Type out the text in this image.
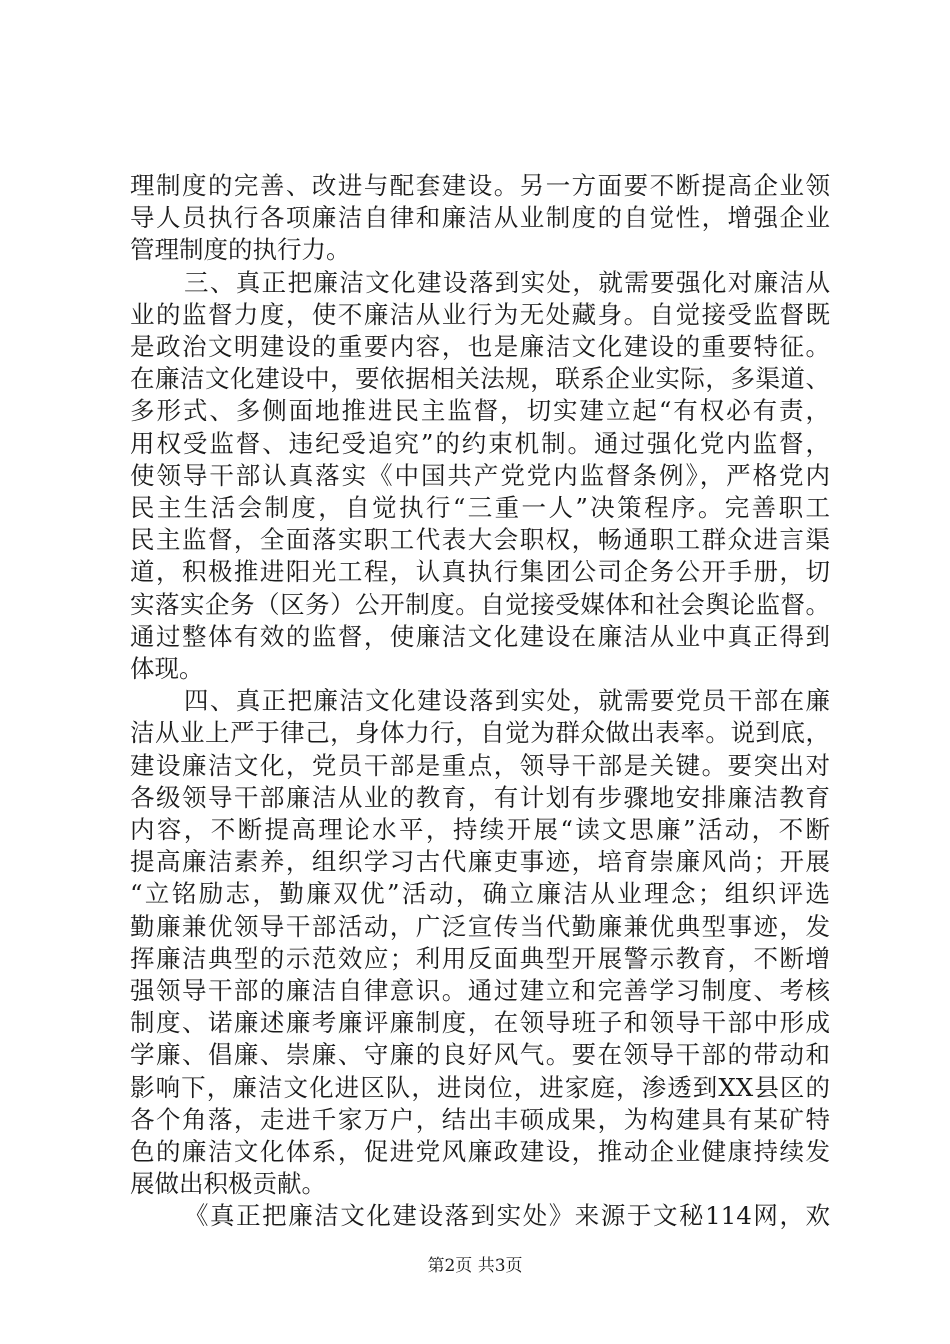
理制度的完善、改进与配套建设。另一方面要不断提高企业领
导人员执行各项廉洁自律和廉洁从业制度的自觉性，增强企业
管理制度的执行力。
三、真正把廉洁文化建设落到实处，就需要强化对廉洁从
业的监督力度，使不廉洁从业行为无处藏身。自觉接受监督既
是政治文明建设的重要内容，也是廉洁文化建设的重要特征。
在廉洁文化建设中，要依据相关法规，联系企业实际，多渠道、
多形式、多侧面地推进民主监督，切实建立起“有权必有责，
用权受监督、违纪受追究”的约束机制。通过强化党内监督，
使领导干部认真落实《中国共产党党内监督条例》，严格党内
民主生活会制度，自觉执行“三重一人”决策程序。完善职工
民主监督，全面落实职工代表大会职权，畅通职工群众进言渠
道，积极推进阳光工程，认真执行集团公司企务公开手册，切
实落实企务（区务）公开制度。自觉接受媒体和社会舆论监督。
通过整体有效的监督，使廉洁文化建设在廉洁从业中真正得到
体现。
四、真正把廉洁文化建设落到实处，就需要党员干部在廉
洁从业上严于律己，身体力行，自觉为群众做出表率。说到底，
建设廉洁文化，党员干部是重点，领导干部是关键。要突出对
各级领导干部廉洁从业的教育，有计划有步骤地安排廉洁教育
内容，不断提高理论水平，持续开展“读文思廉”活动，不断
提高廉洁素养，组织学习古代廉吏事迹，培育崇廉风尚；开展
“立铭励志，勤廉双优”活动，确立廉洁从业理念；组织评选
勤廉兼优领导干部活动，广泛宣传当代勤廉兼优典型事迹，发
挥廉洁典型的示范效应；利用反面典型开展警示教育，不断增
强领导干部的廉洁自律意识。通过建立和完善学习制度、考核
制度、诺廉述廉考廉评廉制度，在领导班子和领导干部中形成
学廉、倡廉、崇廉、守廉的良好风气。要在领导干部的带动和
影响下，廉洁文化进区队，进岗位，进家庭，渗透到XX县区的
各个角落，走进千家万户，结出丰硕成果，为构建具有某矿特
色的廉洁文化体系，促进党风廉政建设，推动企业健康持续发
展做出积极贡献。
《真正把廉洁文化建设落到实处》来源于文秘114网，欢
第2页 共3页
